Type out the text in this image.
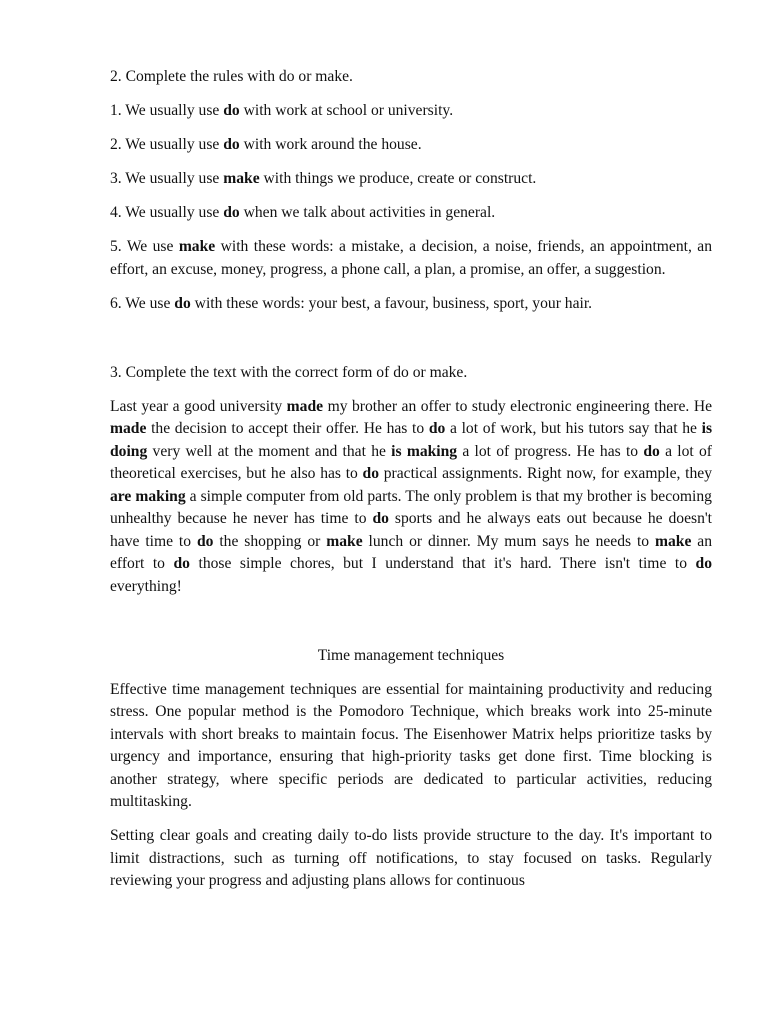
2. Complete the rules with do or make.

1. We usually use do with work at school or university.

2. We usually use do with work around the house.

3. We usually use make with things we produce, create or construct.

4. We usually use do when we talk about activities in general.

5. We use make with these words: a mistake, a decision, a noise, friends, an appointment, an effort, an excuse, money, progress, a phone call, a plan, a promise, an offer, a suggestion.

6. We use do with these words: your best, a favour, business, sport, your hair.

3. Complete the text with the correct form of do or make.

Last year a good university made my brother an offer to study electronic engineering there. He made the decision to accept their offer. He has to do a lot of work, but his tutors say that he is doing very well at the moment and that he is making a lot of progress. He has to do a lot of theoretical exercises, but he also has to do practical assignments. Right now, for example, they are making a simple computer from old parts. The only problem is that my brother is becoming unhealthy because he never has time to do sports and he always eats out because he doesn't have time to do the shopping or make lunch or dinner. My mum says he needs to make an effort to do those simple chores, but I understand that it's hard. There isn't time to do everything!

Time management techniques

Effective time management techniques are essential for maintaining productivity and reducing stress. One popular method is the Pomodoro Technique, which breaks work into 25-minute intervals with short breaks to maintain focus. The Eisenhower Matrix helps prioritize tasks by urgency and importance, ensuring that high-priority tasks get done first. Time blocking is another strategy, where specific periods are dedicated to particular activities, reducing multitasking.

Setting clear goals and creating daily to-do lists provide structure to the day. It's important to limit distractions, such as turning off notifications, to stay focused on tasks. Regularly reviewing your progress and adjusting plans allows for continuous
